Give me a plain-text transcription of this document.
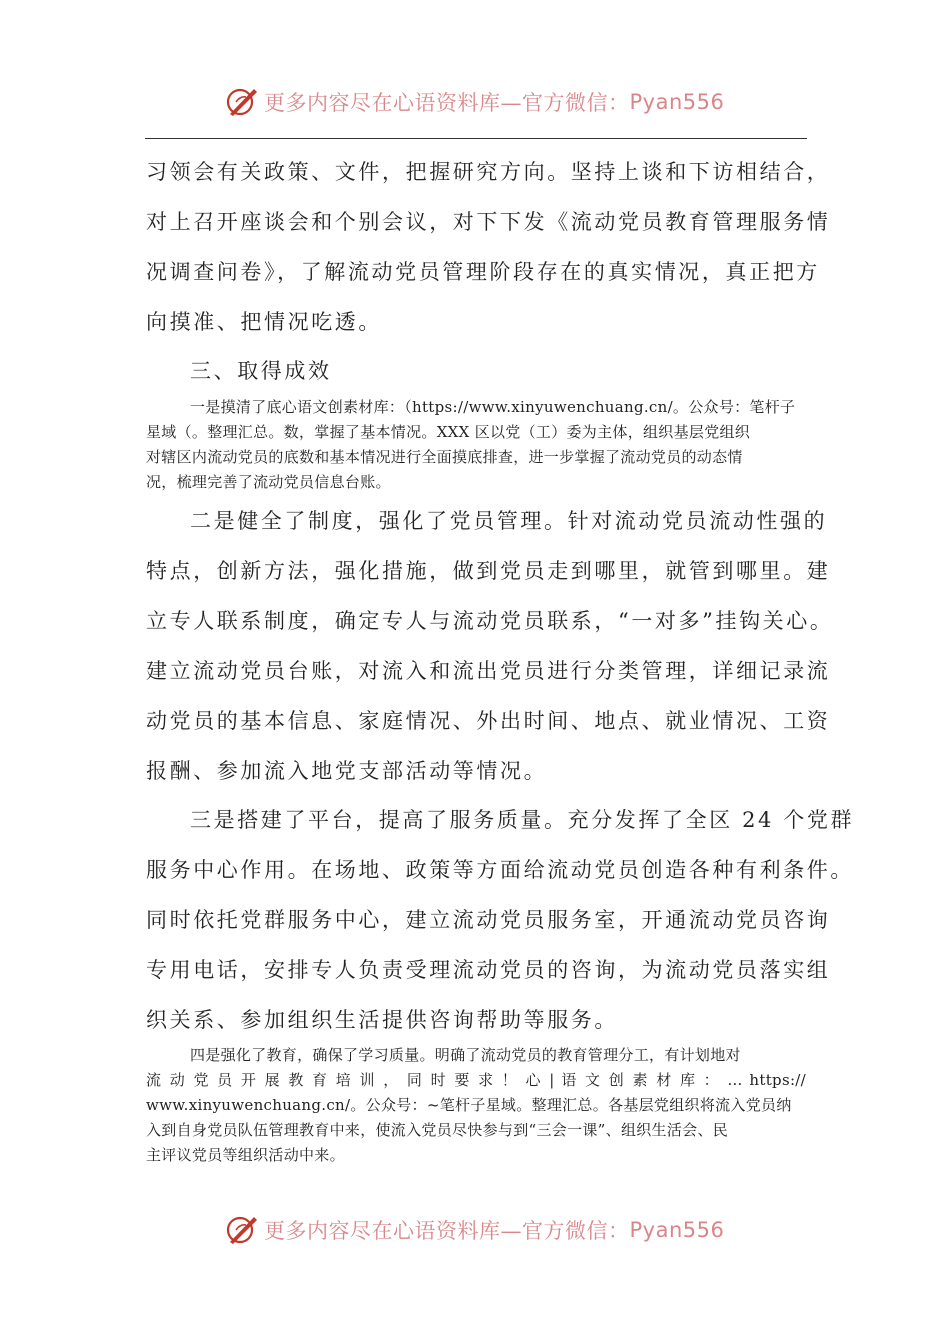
更多内容尽在心语资料库—官方微信： Pyan556
习领会有关政策、文件，把握研究方向。坚持上谈和下访相结合，
对上召开座谈会和个别会议，对下下发《流动党员教育管理服务情
况调查问卷》，了解流动党员管理阶段存在的真实情况，真正把方
向摸准、把情况吃透。
三、取得成效
一是摸清了底心语文创素材库：（https://www.xinyuwenchuang.cn/。公众号：笔杆子
星域（。整理汇总。数，掌握了基本情况。XXX 区以党（工）委为主体，组织基层党组织
对辖区内流动党员的底数和基本情况进行全面摸底排查，进一步掌握了流动党员的动态情
况，梳理完善了流动党员信息台账。
二是健全了制度，强化了党员管理。针对流动党员流动性强的
特点，创新方法，强化措施，做到党员走到哪里，就管到哪里。建
立专人联系制度，确定专人与流动党员联系，“一对多”挂钩关心。
建立流动党员台账，对流入和流出党员进行分类管理，详细记录流
动党员的基本信息、家庭情况、外出时间、地点、就业情况、工资
报酬、参加流入地党支部活动等情况。
三是搭建了平台，提高了服务质量。充分发挥了全区 24 个党群
服务中心作用。在场地、政策等方面给流动党员创造各种有利条件。
同时依托党群服务中心，建立流动党员服务室，开通流动党员咨询
专用电话，安排专人负责受理流动党员的咨询，为流动党员落实组
织关系、参加组织生活提供咨询帮助等服务。
四是强化了教育，确保了学习质量。明确了流动党员的教育管理分工，有计划地对
流 动 党 员 开 展 教 育 培 训 ， 同 时 要 求 ！ 心 | 语 文 创 素 材 库 ： … https://
www.xinyuwenchuang.cn/。公众号：~笔杆子星域。整理汇总。各基层党组织将流入党员纳
入到自身党员队伍管理教育中来，使流入党员尽快参与到“三会一课”、组织生活会、民
主评议党员等组织活动中来。
更多内容尽在心语资料库—官方微信： Pyan556
